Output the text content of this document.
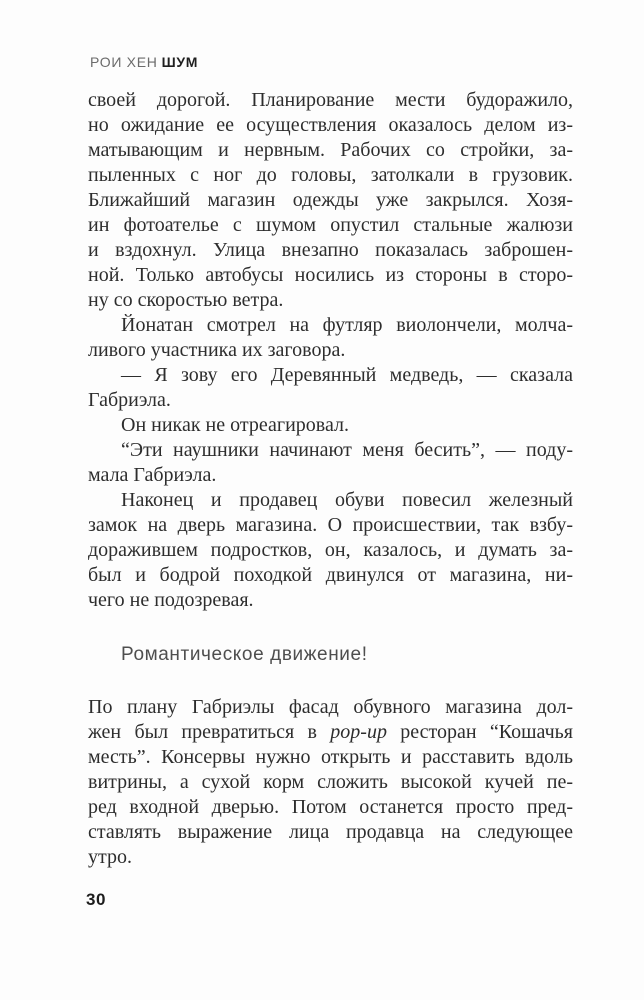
РОИ ХЕН ШУМ
своей дорогой. Планирование мести будоражило,
но ожидание ее осуществления оказалось делом из-
матывающим и нервным. Рабочих со стройки, за-
пыленных с ног до головы, затолкали в грузовик.
Ближайший магазин одежды уже закрылся. Хозя-
ин фотоателье с шумом опустил стальные жалюзи
и вздохнул. Улица внезапно показалась заброшен-
ной. Только автобусы носились из стороны в сторо-
ну со скоростью ветра.
Йонатан смотрел на футляр виолончели, молча-
ливого участника их заговора.
— Я зову его Деревянный медведь, — сказала
Габриэла.
Он никак не отреагировал.
“Эти наушники начинают меня бесить”, — поду-
мала Габриэла.
Наконец и продавец обуви повесил железный
замок на дверь магазина. О происшествии, так взбу-
доражившем подростков, он, казалось, и думать за-
был и бодрой походкой двинулся от магазина, ни-
чего не подозревая.
Романтическое движение!
По плану Габриэлы фасад обувного магазина дол-
жен был превратиться в pop-up ресторан “Кошачья
месть”. Консервы нужно открыть и расставить вдоль
витрины, а сухой корм сложить высокой кучей пе-
ред входной дверью. Потом останется просто пред-
ставлять выражение лица продавца на следующее
утро.
30
